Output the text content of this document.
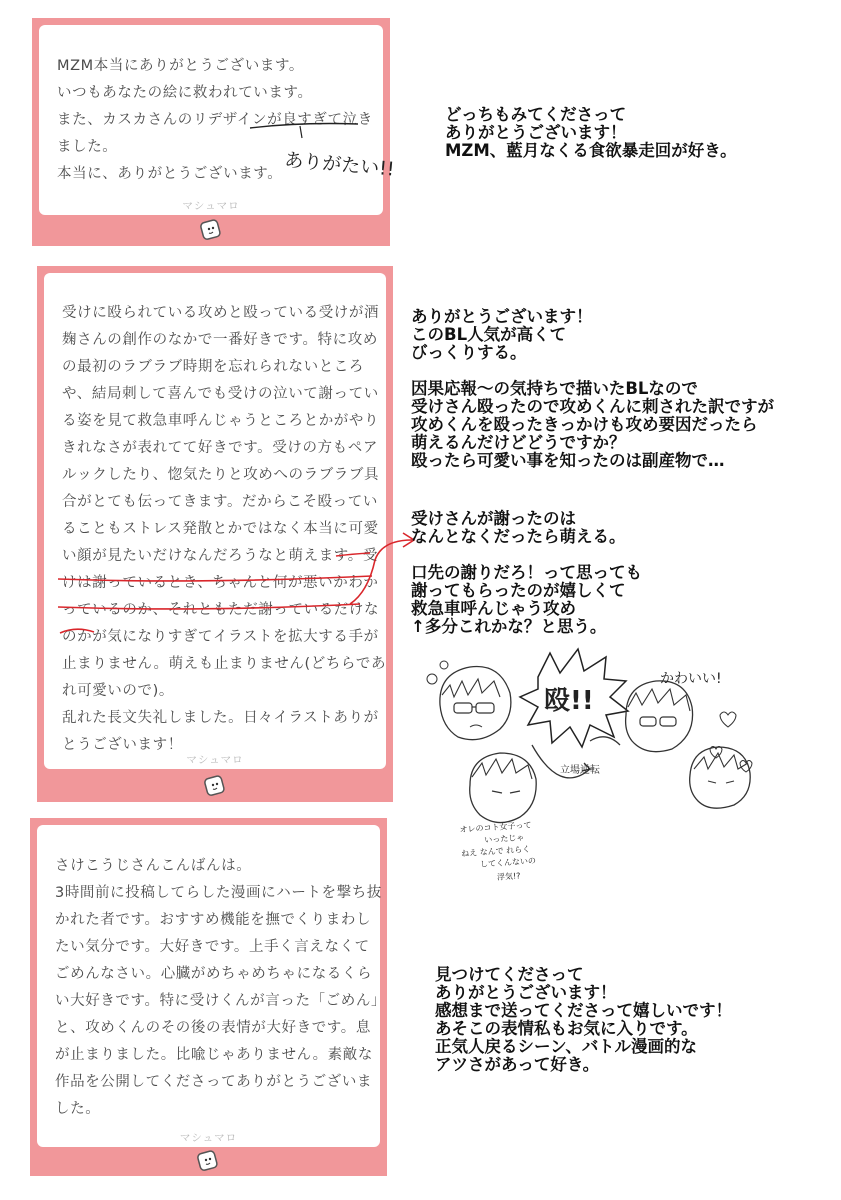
MZM本当にありがとうございます。
いつもあなたの絵に救われています。
また、カスカさんのリデザインが良すぎて泣き
ました。
本当に、ありがとうございます。
マシュマロ
ありがたい!!
どっちもみてくださって
ありがとうございます！
MZM、藍月なくる食欲暴走回が好き。
受けに殴られている攻めと殴っている受けが酒
麹さんの創作のなかで一番好きです。特に攻め
の最初のラブラブ時期を忘れられないところ
や、結局刺して喜んでも受けの泣いて謝ってい
る姿を見て救急車呼んじゃうところとかがやり
きれなさが表れてて好きです。受けの方もペア
ルックしたり、惚気たりと攻めへのラブラブ具
合がとても伝ってきます。だからこそ殴ってい
ることもストレス発散とかではなく本当に可愛
い顔が見たいだけなんだろうなと萌えます。受
けは謝っているとき、ちゃんと何が悪いかわか
っているのか、それともただ謝っているだけな
のかが気になりすぎてイラストを拡大する手が
止まりません。萌えも止まりません(どちらであ
れ可愛いので)。
乱れた長文失礼しました。日々イラストありが
とうございます！
マシュマロ
ありがとうございます！
このBL人気が高くて
びっくりする。
因果応報〜の気持ちで描いたBLなので
受けさん殴ったので攻めくんに刺された訳ですが
攻めくんを殴ったきっかけも攻め要因だったら
萌えるんだけどどうですか？
殴ったら可愛い事を知ったのは副産物で…
受けさんが謝ったのは
なんとなくだったら萌える。
口先の謝りだろ！って思っても
謝ってもらったのが嬉しくて
救急車呼んじゃう攻め
↑多分これかな？と思う。
殴!!
かわいい!
立場逆転
オレのコト女子って
いったじゃ
ねえ なんで れらく
してくんないの
浮気!?
さけこうじさんこんばんは。
3時間前に投稿してらした漫画にハートを撃ち抜
かれた者です。おすすめ機能を撫でくりまわし
たい気分です。大好きです。上手く言えなくて
ごめんなさい。心臓がめちゃめちゃになるくら
い大好きです。特に受けくんが言った「ごめん」
と、攻めくんのその後の表情が大好きです。息
が止まりました。比喩じゃありません。素敵な
作品を公開してくださってありがとうございま
した。
マシュマロ
見つけてくださって
ありがとうございます！
感想まで送ってくださって嬉しいです！
あそこの表情私もお気に入りです。
正気人戻るシーン、バトル漫画的な
アツさがあって好き。
